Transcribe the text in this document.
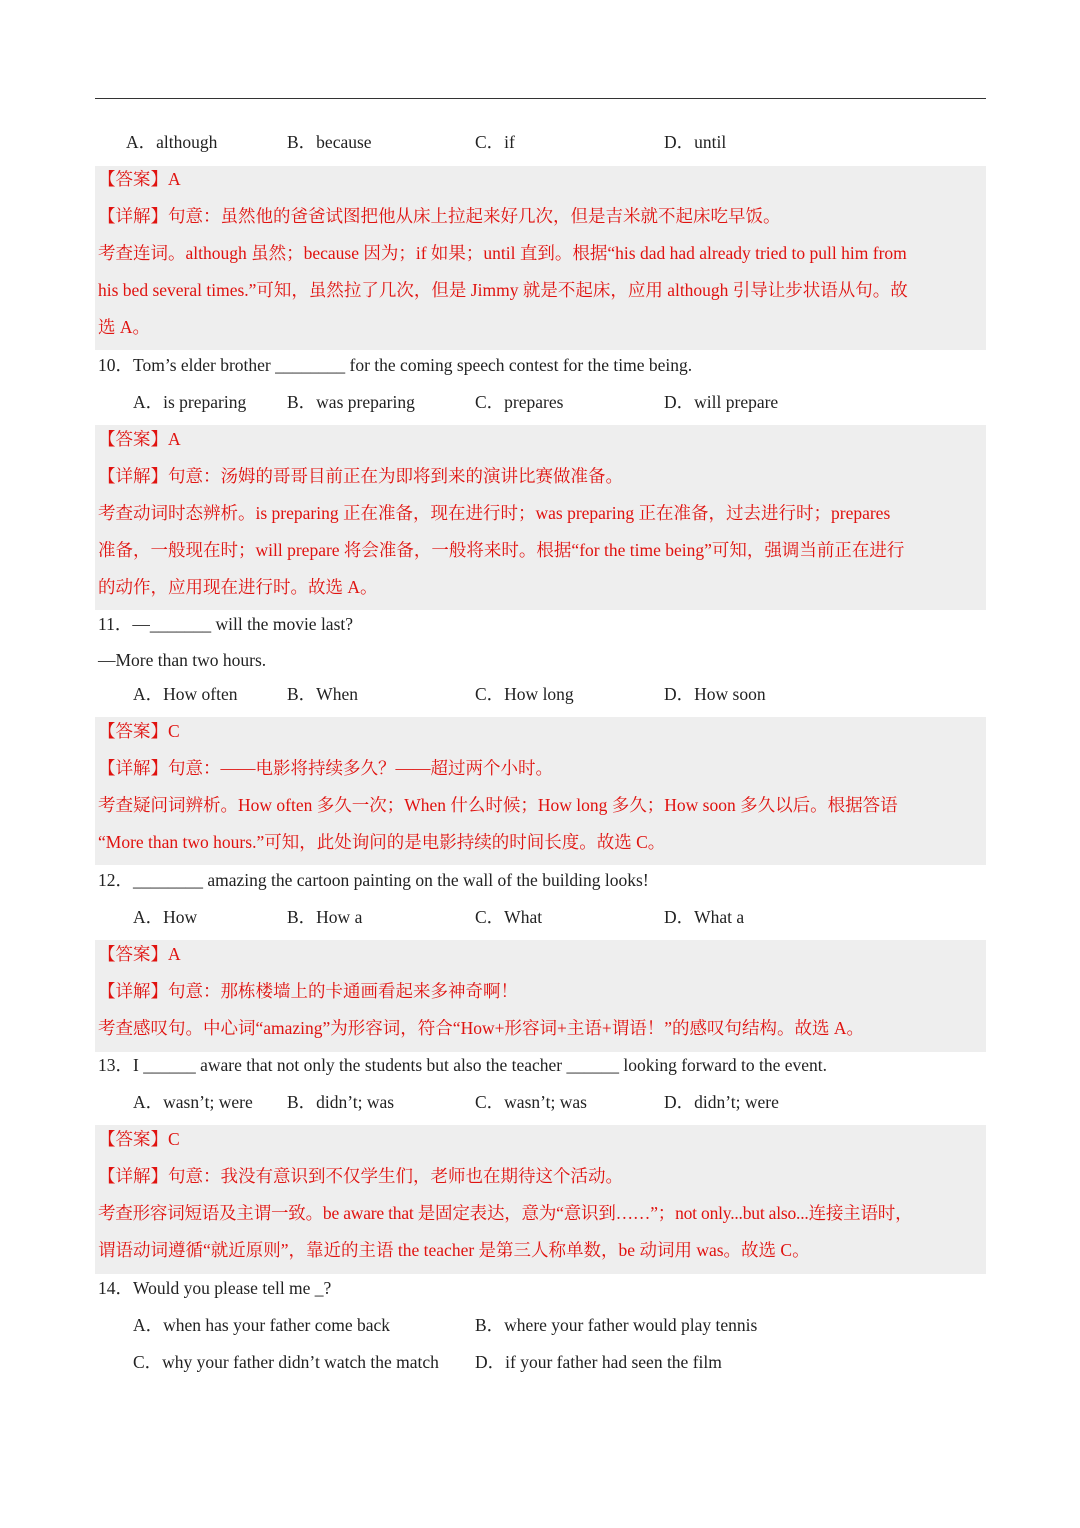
A．although	B．because	C．if	D．until
【答案】A
【详解】句意：虽然他的爸爸试图把他从床上拉起来好几次，但是吉米就不起床吃早饭。
考查连词。although 虽然；because 因为；if 如果；until 直到。根据“his dad had already tried to pull him from
his bed several times.”可知，虽然拉了几次，但是 Jimmy 就是不起床，应用 although 引导让步状语从句。故
选 A。
10．Tom’s elder brother ________ for the coming speech contest for the time being.
A．is preparing B．was preparing	C．prepares	D．will prepare
【答案】A
【详解】句意：汤姆的哥哥目前正在为即将到来的演讲比赛做准备。
考查动词时态辨析。is preparing 正在准备，现在进行时；was preparing 正在准备，过去进行时；prepares
准备，一般现在时；will prepare 将会准备，一般将来时。根据“for the time being”可知，强调当前正在进行
的动作，应用现在进行时。故选 A。
11．—_______ will the movie last?
—More than two hours.
A．How often	B．When	C．How long	D．How soon
【答案】C
【详解】句意：——电影将持续多久？——超过两个小时。
考查疑问词辨析。How often 多久一次；When 什么时候；How long 多久；How soon 多久以后。根据答语
“More than two hours.”可知，此处询问的是电影持续的时间长度。故选 C。
12．________ amazing the cartoon painting on the wall of the building looks!
A．How	B．How a	C．What	D．What a
【答案】A
【详解】句意：那栋楼墙上的卡通画看起来多神奇啊！
考查感叹句。中心词“amazing”为形容词，符合“How+形容词+主语+谓语！”的感叹句结构。故选 A。
13．I ______ aware that not only the students but also the teacher ______ looking forward to the event.
A．wasn’t; were B．didn’t; was	C．wasn’t; was	D．didn’t; were
【答案】C
【详解】句意：我没有意识到不仅学生们，老师也在期待这个活动。
考查形容词短语及主谓一致。be aware that 是固定表达，意为“意识到……”；not only...but also...连接主语时，
谓语动词遵循“就近原则”，靠近的主语 the teacher 是第三人称单数，be 动词用 was。故选 C。
14．Would you please tell me _?
A．when has your father come back	B．where your father would play tennis
C．why your father didn’t watch the match D．if your father had seen the film
